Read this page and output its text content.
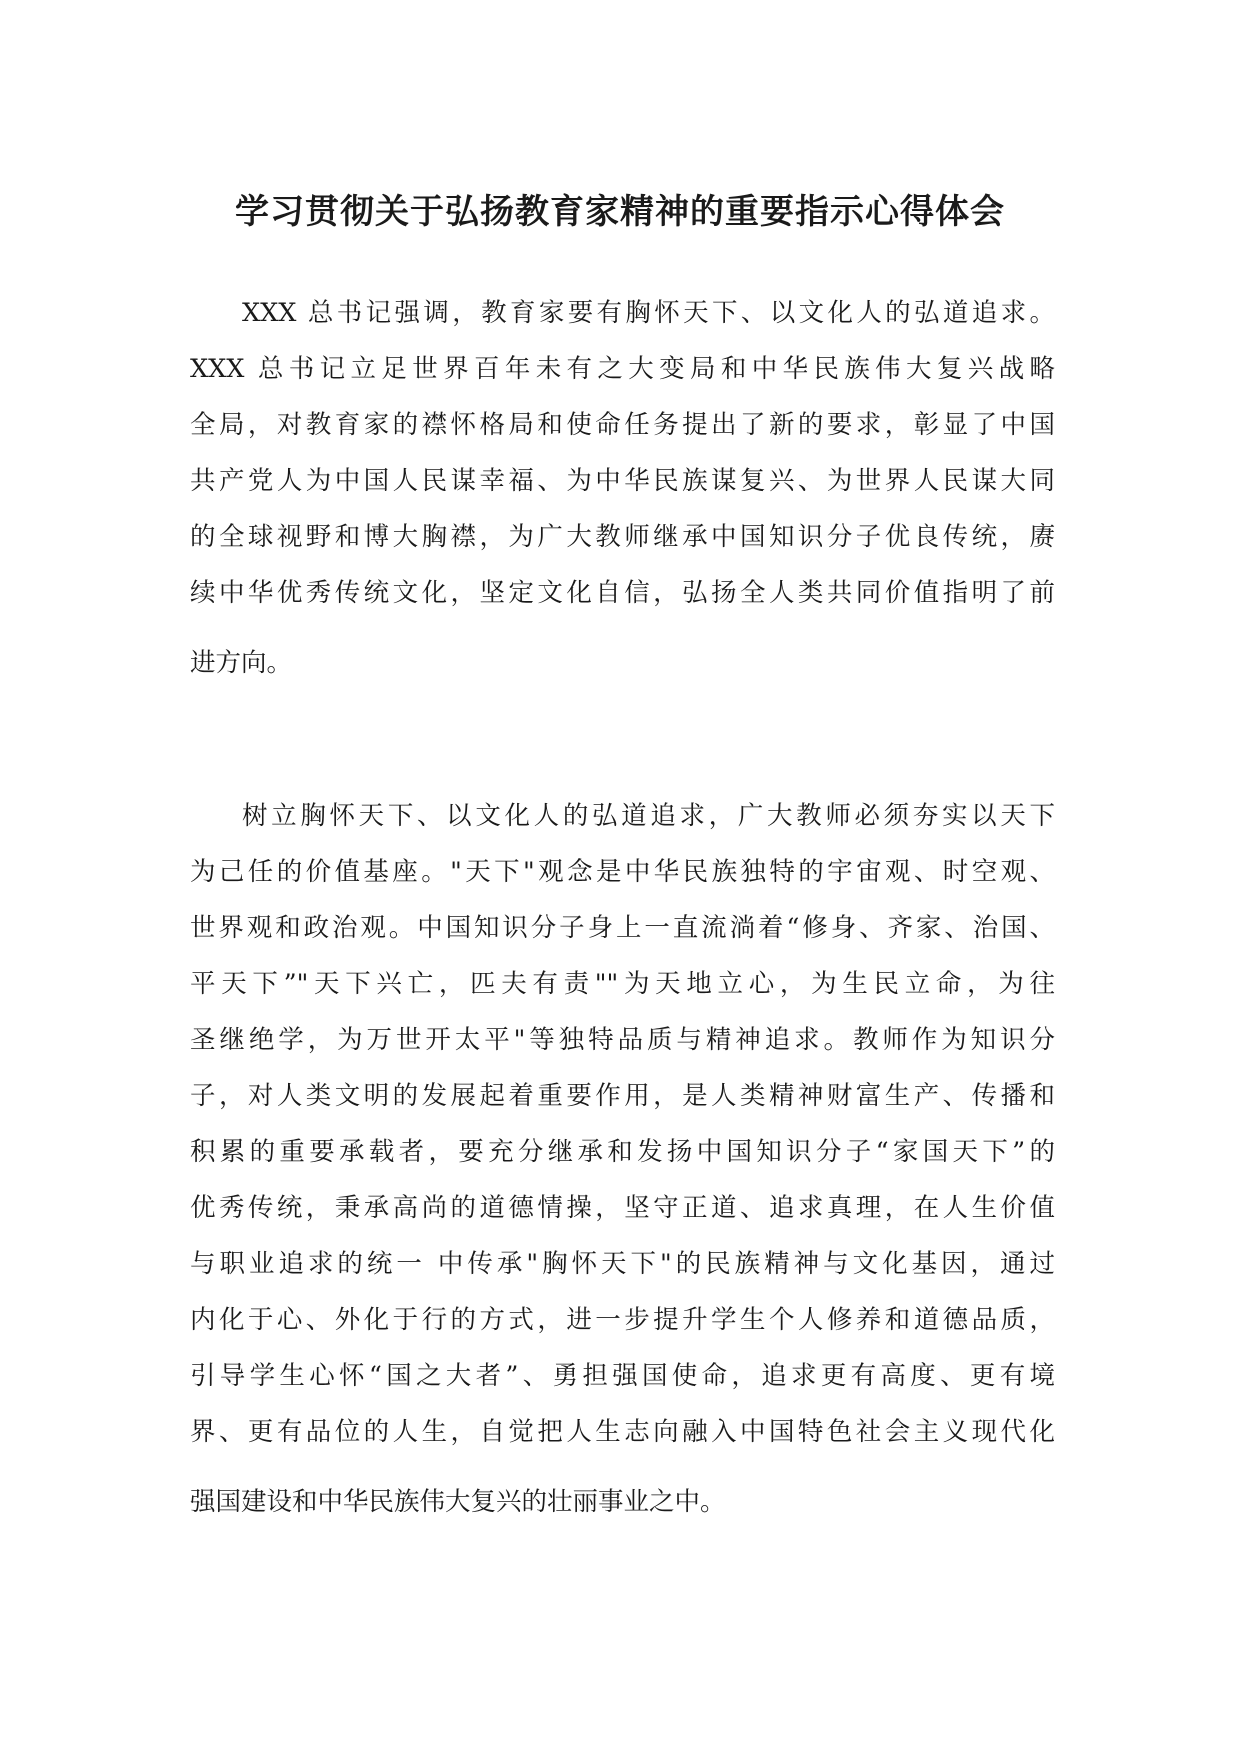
学习贯彻关于弘扬教育家精神的重要指示心得体会
XXX 总书记强调，教育家要有胸怀天下、以文化人的弘道追求。
XXX 总书记立足世界百年未有之大变局和中华民族伟大复兴战略
全局，对教育家的襟怀格局和使命任务提出了新的要求，彰显了中国
共产党人为中国人民谋幸福、为中华民族谋复兴、为世界人民谋大同
的全球视野和博大胸襟，为广大教师继承中国知识分子优良传统，赓
续中华优秀传统文化，坚定文化自信，弘扬全人类共同价值指明了前
进方向。
树立胸怀天下、以文化人的弘道追求，广大教师必须夯实以天下
为己任的价值基座。"天下"观念是中华民族独特的宇宙观、时空观、
世界观和政治观。中国知识分子身上一直流淌着“修身、齐家、治国、
平天下”"天下兴亡，匹夫有责""为天地立心，为生民立命，为往
圣继绝学，为万世开太平"等独特品质与精神追求。教师作为知识分
子，对人类文明的发展起着重要作用，是人类精神财富生产、传播和
积累的重要承载者，要充分继承和发扬中国知识分子“家国天下”的
优秀传统，秉承高尚的道德情操，坚守正道、追求真理，在人生价值
与职业追求的统一 中传承"胸怀天下"的民族精神与文化基因，通过
内化于心、外化于行的方式，进一步提升学生个人修养和道德品质，
引导学生心怀“国之大者”、勇担强国使命，追求更有高度、更有境
界、更有品位的人生，自觉把人生志向融入中国特色社会主义现代化
强国建设和中华民族伟大复兴的壮丽事业之中。
